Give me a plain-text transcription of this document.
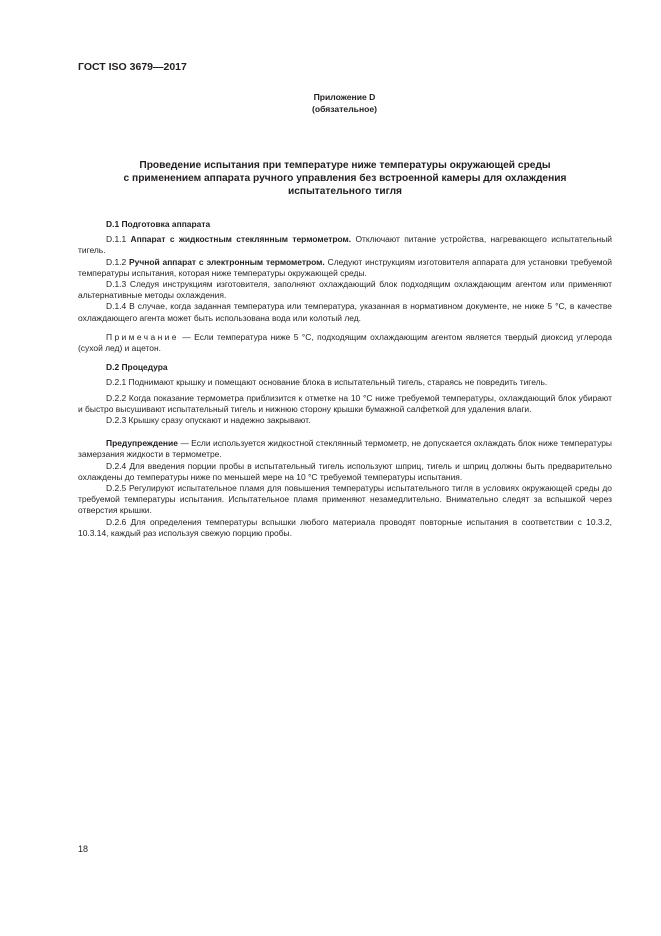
ГОСТ ISO 3679—2017
Приложение D
(обязательное)
Проведение испытания при температуре ниже температуры окружающей среды
с применением аппарата ручного управления без встроенной камеры для охлаждения
испытательного тигля

D.1 Подготовка аппарата

D.1.1 Аппарат с жидкостным стеклянным термометром. Отключают питание устройства, нагревающего испытательный тигель.

D.1.2 Ручной аппарат с электронным термометром. Следуют инструкциям изготовителя аппарата для установки требуемой температуры испытания, которая ниже температуры окружающей среды.

D.1.3 Следуя инструкциям изготовителя, заполняют охлаждающий блок подходящим охлаждающим агентом или применяют альтернативные методы охлаждения.

D.1.4 В случае, когда заданная температура или температура, указанная в нормативном документе, не ниже 5 °С, в качестве охлаждающего агента может быть использована вода или колотый лед.

Примечание — Если температура ниже 5 °С, подходящим охлаждающим агентом является твердый диоксид углерода (сухой лед) и ацетон.

D.2 Процедура

D.2.1 Поднимают крышку и помещают основание блока в испытательный тигель, стараясь не повредить тигель.

D.2.2 Когда показание термометра приблизится к отметке на 10 °С ниже требуемой температуры, охлаждающий блок убирают и быстро высушивают испытательный тигель и нижнюю сторону крышки бумажной салфеткой для удаления влаги.

D.2.3 Крышку сразу опускают и надежно закрывают.

Предупреждение — Если используется жидкостной стеклянный термометр, не допускается охлаждать блок ниже температуры замерзания жидкости в термометре.

D.2.4 Для введения порции пробы в испытательный тигель используют шприц, тигель и шприц должны быть предварительно охлаждены до температуры ниже по меньшей мере на 10 °С требуемой температуры испытания.

D.2.5 Регулируют испытательное пламя для повышения температуры испытательного тигля в условиях окружающей среды до требуемой температуры испытания. Испытательное пламя применяют незамедлительно. Внимательно следят за вспышкой через отверстия крышки.

D.2.6 Для определения температуры вспышки любого материала проводят повторные испытания в соответствии с 10.3.2, 10.3.14, каждый раз используя свежую порцию пробы.

18
